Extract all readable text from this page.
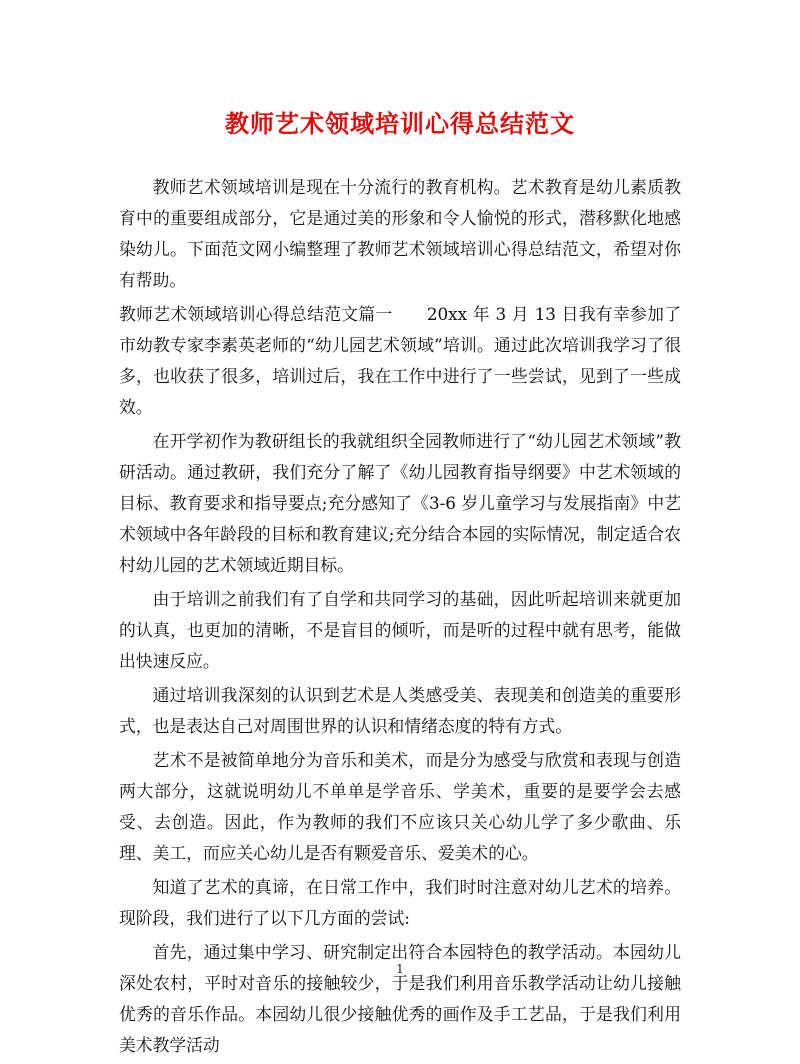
教师艺术领域培训心得总结范文

教师艺术领域培训是现在十分流行的教育机构。艺术教育是幼儿素质教育中的重要组成部分，它是通过美的形象和令人愉悦的形式，潜移默化地感染幼儿。下面范文网小编整理了教师艺术领域培训心得总结范文，希望对你有帮助。

教师艺术领域培训心得总结范文篇一　　20xx 年 3 月 13 日我有幸参加了市幼教专家李素英老师的“幼儿园艺术领域”培训。通过此次培训我学习了很多，也收获了很多，培训过后，我在工作中进行了一些尝试，见到了一些成效。

在开学初作为教研组长的我就组织全园教师进行了“幼儿园艺术领域”教研活动。通过教研，我们充分了解了《幼儿园教育指导纲要》中艺术领域的目标、教育要求和指导要点;充分感知了《3-6 岁儿童学习与发展指南》中艺术领域中各年龄段的目标和教育建议;充分结合本园的实际情况，制定适合农村幼儿园的艺术领域近期目标。

由于培训之前我们有了自学和共同学习的基础，因此听起培训来就更加的认真，也更加的清晰，不是盲目的倾听，而是听的过程中就有思考，能做出快速反应。

通过培训我深刻的认识到艺术是人类感受美、表现美和创造美的重要形式，也是表达自己对周围世界的认识和情绪态度的特有方式。

艺术不是被简单地分为音乐和美术，而是分为感受与欣赏和表现与创造两大部分，这就说明幼儿不单单是学音乐、学美术，重要的是要学会去感受、去创造。因此，作为教师的我们不应该只关心幼儿学了多少歌曲、乐理、美工，而应关心幼儿是否有颗爱音乐、爱美术的心。

知道了艺术的真谛，在日常工作中，我们时时注意对幼儿艺术的培养。现阶段，我们进行了以下几方面的尝试:

首先，通过集中学习、研究制定出符合本园特色的教学活动。本园幼儿深处农村，平时对音乐的接触较少，于是我们利用音乐教学活动让幼儿接触优秀的音乐作品。本园幼儿很少接触优秀的画作及手工艺品，于是我们利用美术教学活动

1
